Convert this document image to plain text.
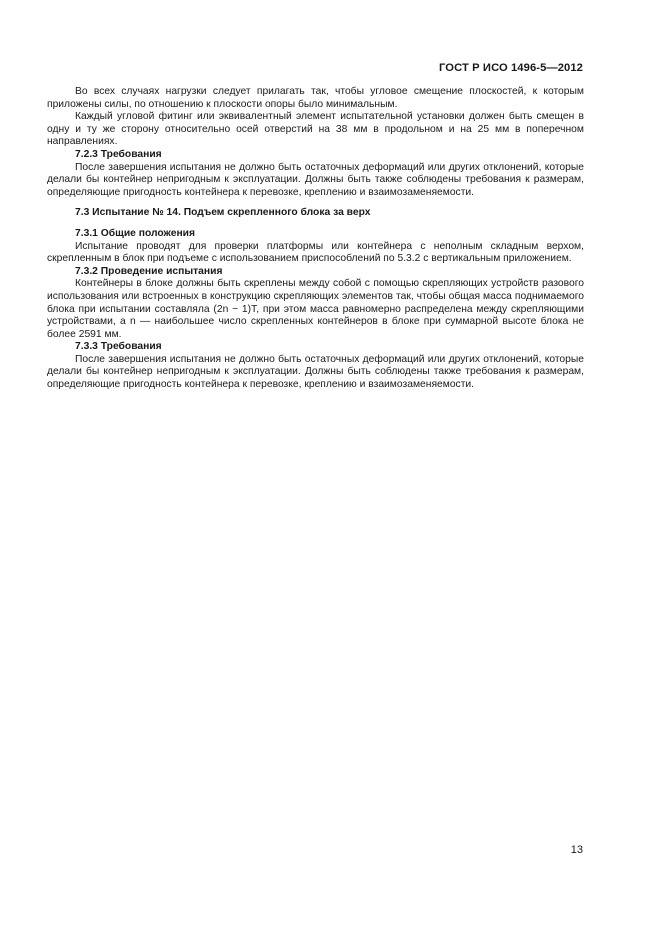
ГОСТ Р ИСО 1496-5—2012

Во всех случаях нагрузки следует прилагать так, чтобы угловое смещение плоскостей, к которым приложены силы, по отношению к плоскости опоры было минимальным.

Каждый угловой фитинг или эквивалентный элемент испытательной установки должен быть смещен в одну и ту же сторону относительно осей отверстий на 38 мм в продольном и на 25 мм в поперечном направлениях.

7.2.3 Требования

После завершения испытания не должно быть остаточных деформаций или других отклонений, которые делали бы контейнер непригодным к эксплуатации. Должны быть также соблюдены требования к размерам, определяющие пригодность контейнера к перевозке, креплению и взаимозаменяемости.

7.3 Испытание № 14. Подъем скрепленного блока за верх
7.3.1 Общие положения

Испытание проводят для проверки платформы или контейнера с неполным складным верхом, скрепленным в блок при подъеме с использованием приспособлений по 5.3.2 с вертикальным приложением.

7.3.2 Проведение испытания

Контейнеры в блоке должны быть скреплены между собой с помощью скрепляющих устройств разового использования или встроенных в конструкцию скрепляющих элементов так, чтобы общая масса поднимаемого блока при испытании составляла (2n − 1)T, при этом масса равномерно распределена между скрепляющими устройствами, а n — наибольшее число скрепленных контейнеров в блоке при суммарной высоте блока не более 2591 мм.

7.3.3 Требования

После завершения испытания не должно быть остаточных деформаций или других отклонений, которые делали бы контейнер непригодным к эксплуатации. Должны быть соблюдены также требования к размерам, определяющие пригодность контейнера к перевозке, креплению и взаимозаменяемости.

13
